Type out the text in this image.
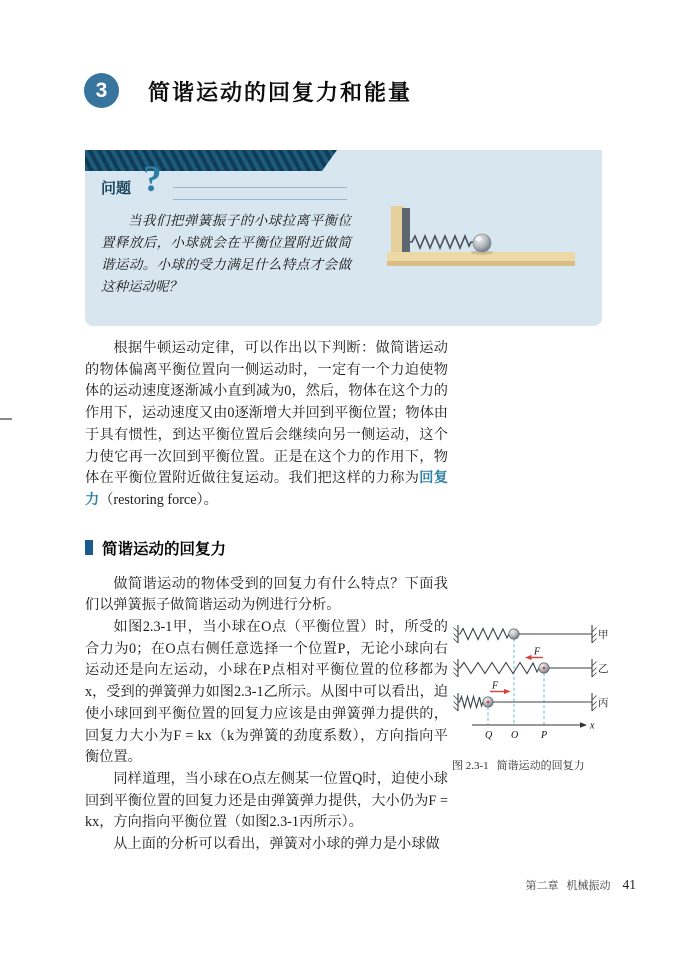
3 简谐运动的回复力和能量
问题 ?

当我们把弹簧振子的小球拉离平衡位置释放后，小球就会在平衡位置附近做简谐运动。小球的受力满足什么特点才会做这种运动呢？

根据牛顿运动定律，可以作出以下判断：做简谐运动的物体偏离平衡位置向一侧运动时，一定有一个力迫使物体的运动速度逐渐减小直到减为0，然后，物体在这个力的作用下，运动速度又由0逐渐增大并回到平衡位置；物体由于具有惯性，到达平衡位置后会继续向另一侧运动，这个力使它再一次回到平衡位置。正是在这个力的作用下，物体在平衡位置附近做往复运动。我们把这样的力称为回复力（restoring force）。

简谐运动的回复力

做简谐运动的物体受到的回复力有什么特点？下面我们以弹簧振子做简谐运动为例进行分析。

如图2.3-1甲，当小球在O点（平衡位置）时，所受的合力为0；在O点右侧任意选择一个位置P，无论小球向右运动还是向左运动，小球在P点相对平衡位置的位移都为x，受到的弹簧弹力如图2.3-1乙所示。从图中可以看出，迫使小球回到平衡位置的回复力应该是由弹簧弹力提供的，回复力大小为F = kx（k为弹簧的劲度系数），方向指向平衡位置。

同样道理，当小球在O点左侧某一位置Q时，迫使小球回到平衡位置的回复力还是由弹簧弹力提供，大小仍为F = kx，方向指向平衡位置（如图2.3-1丙所示）。

从上面的分析可以看出，弹簧对小球的弹力是小球做

甲
F
乙
F
丙
x
Q O P
图 2.3-1 简谐运动的回复力
第二章 机械振动 41
